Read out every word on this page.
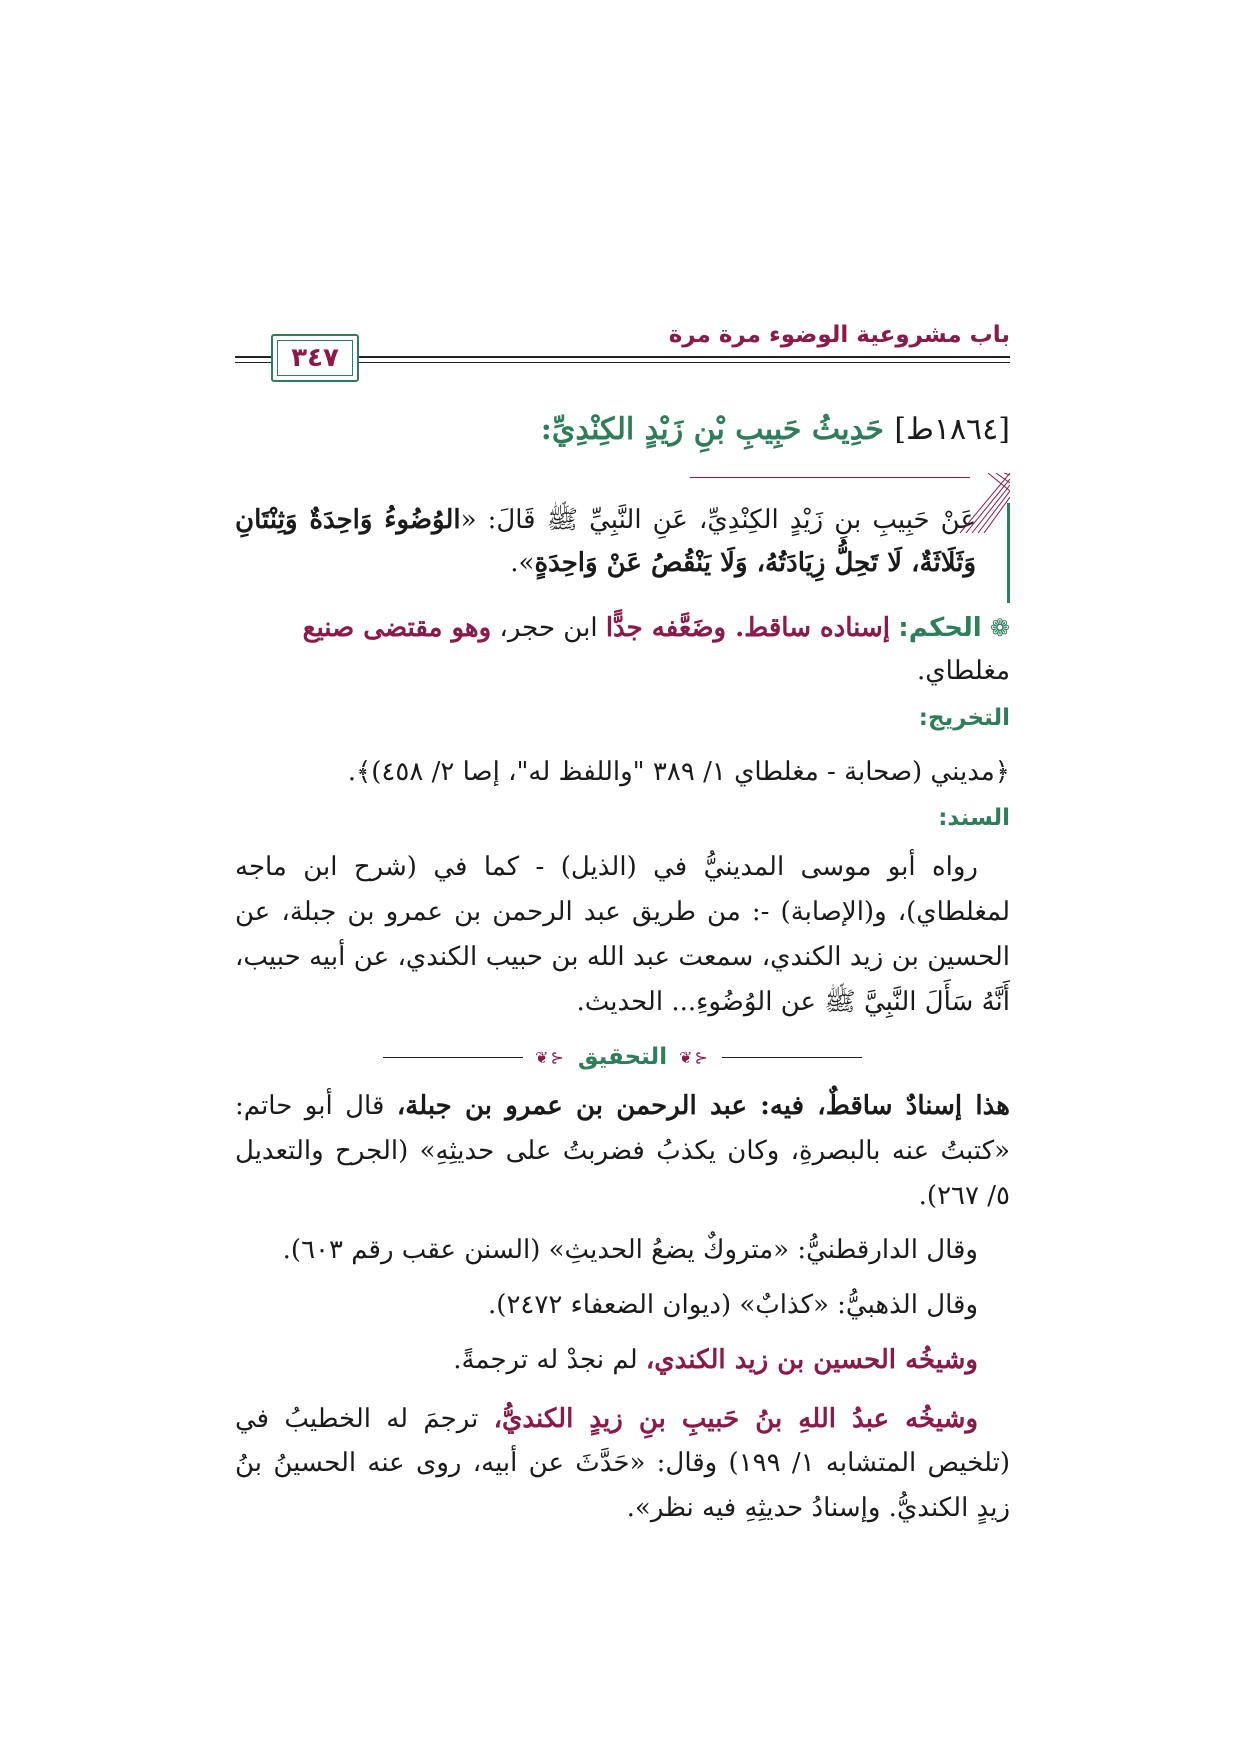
باب مشروعية الوضوء مرة مرة
٣٤٧
[١٨٦٤ط] حَدِيثُ حَبِيبِ بْنِ زَيْدٍ الكِنْدِيِّ:

عَنْ حَبِيبِ بنِ زَيْدٍ الكِنْدِيِّ، عَنِ النَّبِيِّ ﷺ قَالَ: «الوُضُوءُ وَاحِدَةٌ وَثِنْتَانِ وَثَلَاثَةٌ، لَا تَحِلُّ زِيَادَتُهُ، وَلَا يَنْقُصُ عَنْ وَاحِدَةٍ».

❁ الحكم: إسناده ساقط. وضَعَّفه جدًّا ابن حجر، وهو مقتضى صنيع مغلطاي.
التخريج:
﴿مديني (صحابة - مغلطاي ١/ ٣٨٩ "واللفظ له"، إصا ٢/ ٤٥٨)﴾.
السند:

رواه أبو موسى المدينيُّ في (الذيل) - كما في (شرح ابن ماجه لمغلطاي)، و(الإصابة) -: من طريق عبد الرحمن بن عمرو بن جبلة، عن الحسين بن زيد الكندي، سمعت عبد الله بن حبيب الكندي، عن أبيه حبيب، أَنَّهُ سَأَلَ النَّبِيَّ ﷺ عن الوُضُوءِ... الحديث.

⊰❦
التحقيق
⊰❦

هذا إسنادٌ ساقطٌ، فيه: عبد الرحمن بن عمرو بن جبلة، قال أبو حاتم: «كتبتُ عنه بالبصرةِ، وكان يكذبُ فضربتُ على حديثِهِ» (الجرح والتعديل ٥/ ٢٦٧).

وقال الدارقطنيُّ: «متروكٌ يضعُ الحديثِ» (السنن عقب رقم ٦٠٣).
وقال الذهبيُّ: «كذابٌ» (ديوان الضعفاء ٢٤٧٢).
وشيخُه الحسين بن زيد الكندي، لم نجدْ له ترجمةً.

وشيخُه عبدُ اللهِ بنُ حَبيبِ بنِ زيدٍ الكنديُّ، ترجمَ له الخطيبُ في (تلخيص المتشابه ١/ ١٩٩) وقال: «حَدَّثَ عن أبيه، روى عنه الحسينُ بنُ زيدٍ الكنديُّ. وإسنادُ حديثِهِ فيه نظر».
